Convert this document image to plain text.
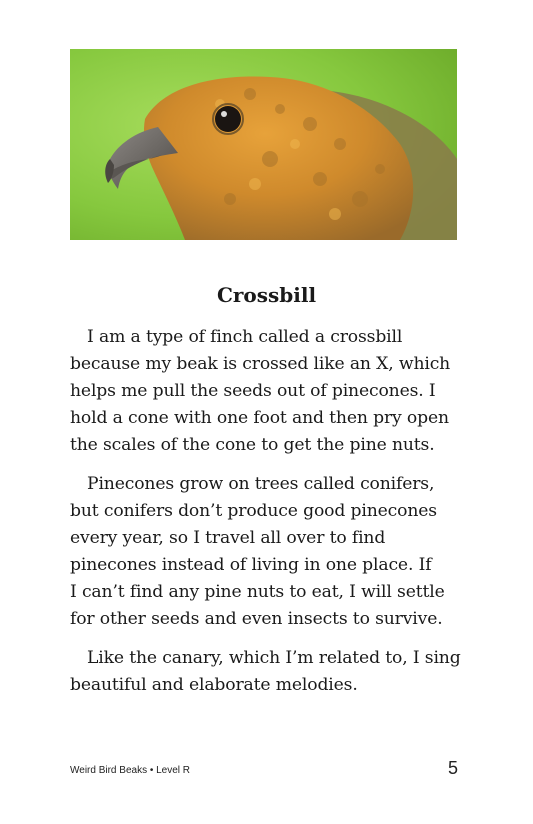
Crossbill

 I am a type of finch called a crossbill
because my beak is crossed like an X, which
helps me pull the seeds out of pinecones. I
hold a cone with one foot and then pry open
the scales of the cone to get the pine nuts.

 Pinecones grow on trees called conifers,
but conifers don’t produce good pinecones
every year, so I travel all over to find
pinecones instead of living in one place. If
I can’t find any pine nuts to eat, I will settle
for other seeds and even insects to survive.

 Like the canary, which I’m related to, I sing
beautiful and elaborate melodies.

Weird Bird Beaks • Level R	5
